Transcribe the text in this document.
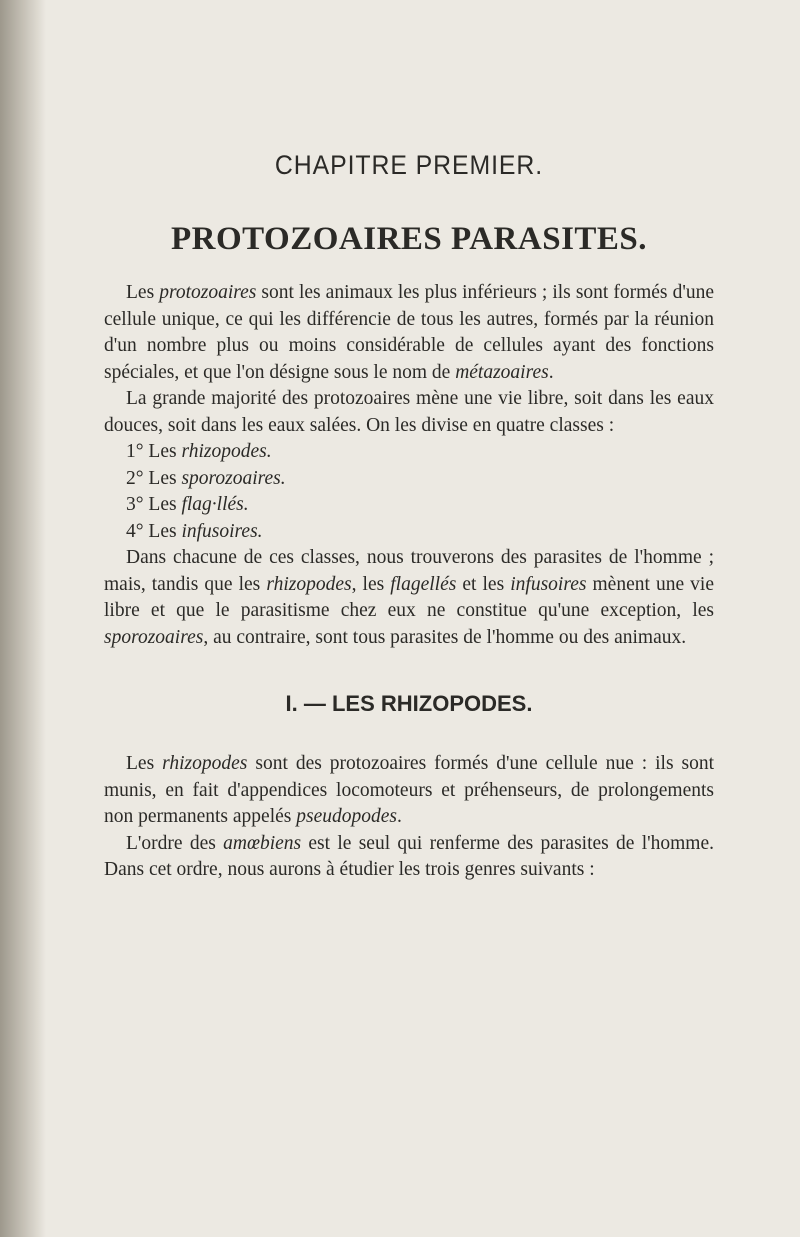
CHAPITRE PREMIER.
PROTOZOAIRES PARASITES.

Les protozoaires sont les animaux les plus inférieurs ; ils sont formés d'une cellule unique, ce qui les différencie de tous les autres, formés par la réunion d'un nombre plus ou moins considérable de cellules ayant des fonctions spéciales, et que l'on désigne sous le nom de métazoaires.

La grande majorité des protozoaires mène une vie libre, soit dans les eaux douces, soit dans les eaux salées. On les divise en quatre classes :

1° Les rhizopodes.
2° Les sporozoaires.
3° Les flag·llés.
4° Les infusoires.

Dans chacune de ces classes, nous trouverons des parasites de l'homme ; mais, tandis que les rhizopodes, les flagellés et les infusoires mènent une vie libre et que le parasitisme chez eux ne constitue qu'une exception, les sporozoaires, au contraire, sont tous parasites de l'homme ou des animaux.

I. — LES RHIZOPODES.

Les rhizopodes sont des protozoaires formés d'une cellule nue : ils sont munis, en fait d'appendices locomoteurs et préhenseurs, de prolongements non permanents appelés pseudopodes.

L'ordre des amœbiens est le seul qui renferme des parasites de l'homme. Dans cet ordre, nous aurons à étudier les trois genres suivants :
